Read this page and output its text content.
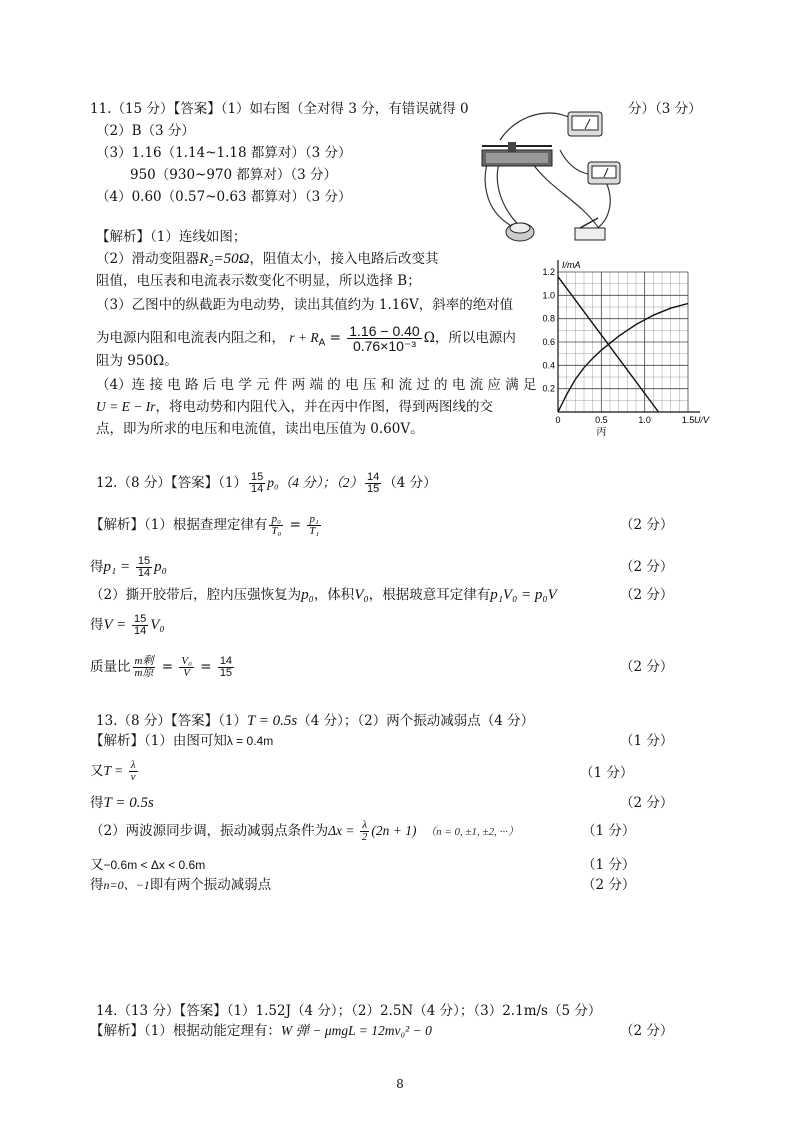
11.（15 分）【答案】（1）如右图（全对得 3 分，有错误就得 0	分）（3 分）
（2）B（3 分）
（3）1.16（1.14~1.18 都算对）（3 分）
950（930~970 都算对）（3 分）
（4）0.60（0.57~0.63 都算对）（3 分）
【解析】（1）连线如图；
（2）滑动变阻器R₂=50Ω，阻值太小，接入电路后改变其
阻值，电压表和电流表示数变化不明显，所以选择 B；
（3）乙图中的纵截距为电动势，读出其值约为 1.16V，斜率的绝对值
为电源内阻和电流表内阻之和， $r + R_A = \frac{1.16 - 0.40}{\text{0.76×10⁻³}}$ Ω，所以电源内
阻为 950Ω。
（4）连 接 电 路 后 电 学 元 件 两 端 的 电 压 和 流 过 的 电 流 应 满 足
U = E − Ir，将电动势和内阻代入，并在丙中作图，得到两图线的交
点，即为所求的电压和电流值，读出电压值为 0.60V。
0	0.5	1.0	1.5
0.2
0.4
0.6
0.8
1.0
1.2
U/V
I/mA
丙
12.（8 分）【答案】$(1) \frac{15}{14} p_0(4$ 分）；$(2) \frac{14}{15} (4$ 分）
【解析】（1）根据查理定律有 $\frac{\text{p₀}}{\text{T₀}} = \frac{\text{p₁}}{\text{T₁}}$	（2 分）
得$p_1 = \frac{15}{14} p_0$	（2 分）
（2）撕开胶带后，腔内压强恢复为p₀，体积V₀，根据玻意耳定律有p₁V₀ = p₀V	（2 分）
得$V = \frac{15}{14} V_0$
质量比 $\frac{\text{m剩}}{\text{m原}} = \frac{\text{V₀}}{V} = \frac{14}{15}$	（2 分）
13.（8 分）【答案】（1）T = 0.5s（4 分）；（2）两个振动减弱点（4 分）
【解析】（1）由图可知λ = 0.4m	（1 分）
又$T = \frac{\lambda}{v}$	（1 分）
得T = 0.5s	（2 分）
（2）两波源同步调，振动减弱点条件为$\Delta x = \frac{\lambda}{2} (2n + 1) (n = 0$, ±1, ±2, ···）	（1 分）
又−0.6m < Δx < 0.6m	（1 分）
得n=0、−1即有两个振动减弱点	（2 分）
14.（13 分）【答案】（1）1.52J（4 分）；（2）2.5N（4 分）；（3）2.1m/s（5 分）
【解析】（1）根据动能定理有：W 弹 − μmgL = 12mv₀² − 0	（2 分）
8
